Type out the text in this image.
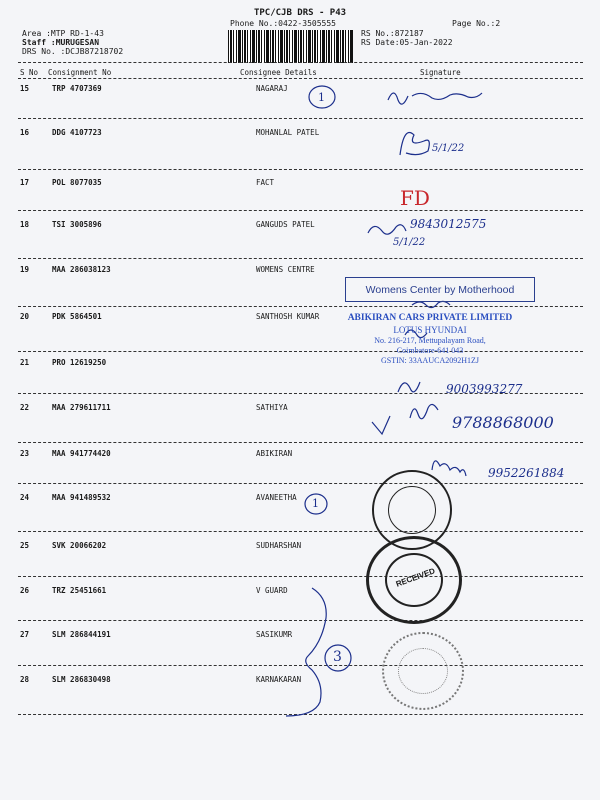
TPC/CJB DRS - P43
Phone No.:0422-3505555	Page No.:2
Area :MTP RD-1-43
Staff :MURUGESAN
DRS No. :DCJB87218702
RS No.:872187
RS Date:05-Jan-2022
S No Consignment No	Consignee Details	Signature
15	TRP 4707369	NAGARAJ
16	DDG 4107723	MOHANLAL PATEL
17	POL 8077035	FACT
18	TSI 3005896	GANGUDS PATEL
19	MAA 286038123	WOMENS CENTRE
20	PDK 5864501	SANTHOSH KUMAR
21	PRO 12619250
22	MAA 279611711	SATHIYA
23	MAA 941774420	ABIKIRAN
24	MAA 941489532	AVANEETHA
25	SVK 20066202	SUDHARSHAN
26	TRZ 25451661	V GUARD
27	SLM 286844191	SASIKUMR
28	SLM 286830498	KARNAKARAN
FD
5/1/22
9843012575
5/1/22
9003993277
9788868000
9952261884
1
1
3
Womens Center by Motherhood
ABIKIRAN CARS PRIVATE LIMITED
LOTUS HYUNDAI
No. 216-217, Mettupalayam Road,
Coimbatore-641 043
GSTIN: 33AAUCA2092H1ZJ
RECEIVED
